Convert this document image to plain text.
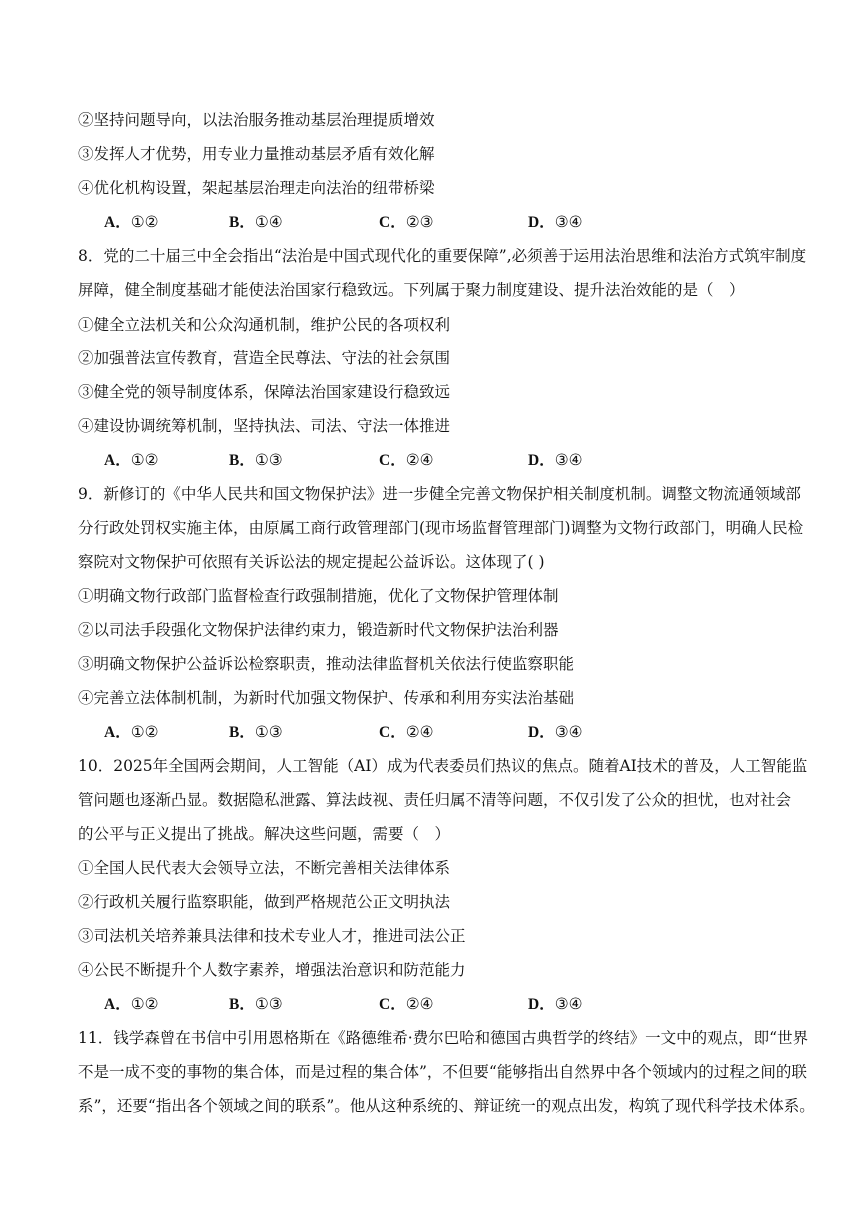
②坚持问题导向，以法治服务推动基层治理提质增效
③发挥人才优势，用专业力量推动基层矛盾有效化解
④优化机构设置，架起基层治理走向法治的纽带桥梁
A．①②	B．①④	C．②③	D．③④
8．党的二十届三中全会指出“法治是中国式现代化的重要保障”,必须善于运用法治思维和法治方式筑牢制度
屏障，健全制度基础才能使法治国家行稳致远。下列属于聚力制度建设、提升法治效能的是（　）
①健全立法机关和公众沟通机制，维护公民的各项权利
②加强普法宣传教育，营造全民尊法、守法的社会氛围
③健全党的领导制度体系，保障法治国家建设行稳致远
④建设协调统筹机制，坚持执法、司法、守法一体推进
A．①②	B．①③	C．②④	D．③④
9．新修订的《中华人民共和国文物保护法》进一步健全完善文物保护相关制度机制。调整文物流通领域部
分行政处罚权实施主体，由原属工商行政管理部门(现市场监督管理部门)调整为文物行政部门，明确人民检
察院对文物保护可依照有关诉讼法的规定提起公益诉讼。这体现了( )
①明确文物行政部门监督检查行政强制措施，优化了文物保护管理体制
②以司法手段强化文物保护法律约束力，锻造新时代文物保护法治利器
③明确文物保护公益诉讼检察职责，推动法律监督机关依法行使监察职能
④完善立法体制机制，为新时代加强文物保护、传承和利用夯实法治基础
A．①②	B．①③	C．②④	D．③④
10．2025年全国两会期间，人工智能（AI）成为代表委员们热议的焦点。随着AI技术的普及，人工智能监
管问题也逐渐凸显。数据隐私泄露、算法歧视、责任归属不清等问题，不仅引发了公众的担忧，也对社会
的公平与正义提出了挑战。解决这些问题，需要（　）
①全国人民代表大会领导立法，不断完善相关法律体系
②行政机关履行监察职能，做到严格规范公正文明执法
③司法机关培养兼具法律和技术专业人才，推进司法公正
④公民不断提升个人数字素养，增强法治意识和防范能力
A．①②	B．①③	C．②④	D．③④
11．钱学森曾在书信中引用恩格斯在《路德维希·费尔巴哈和德国古典哲学的终结》一文中的观点，即“世界
不是一成不变的事物的集合体，而是过程的集合体”，不但要“能够指出自然界中各个领域内的过程之间的联
系”，还要“指出各个领域之间的联系”。他从这种系统的、辩证统一的观点出发，构筑了现代科学技术体系。
